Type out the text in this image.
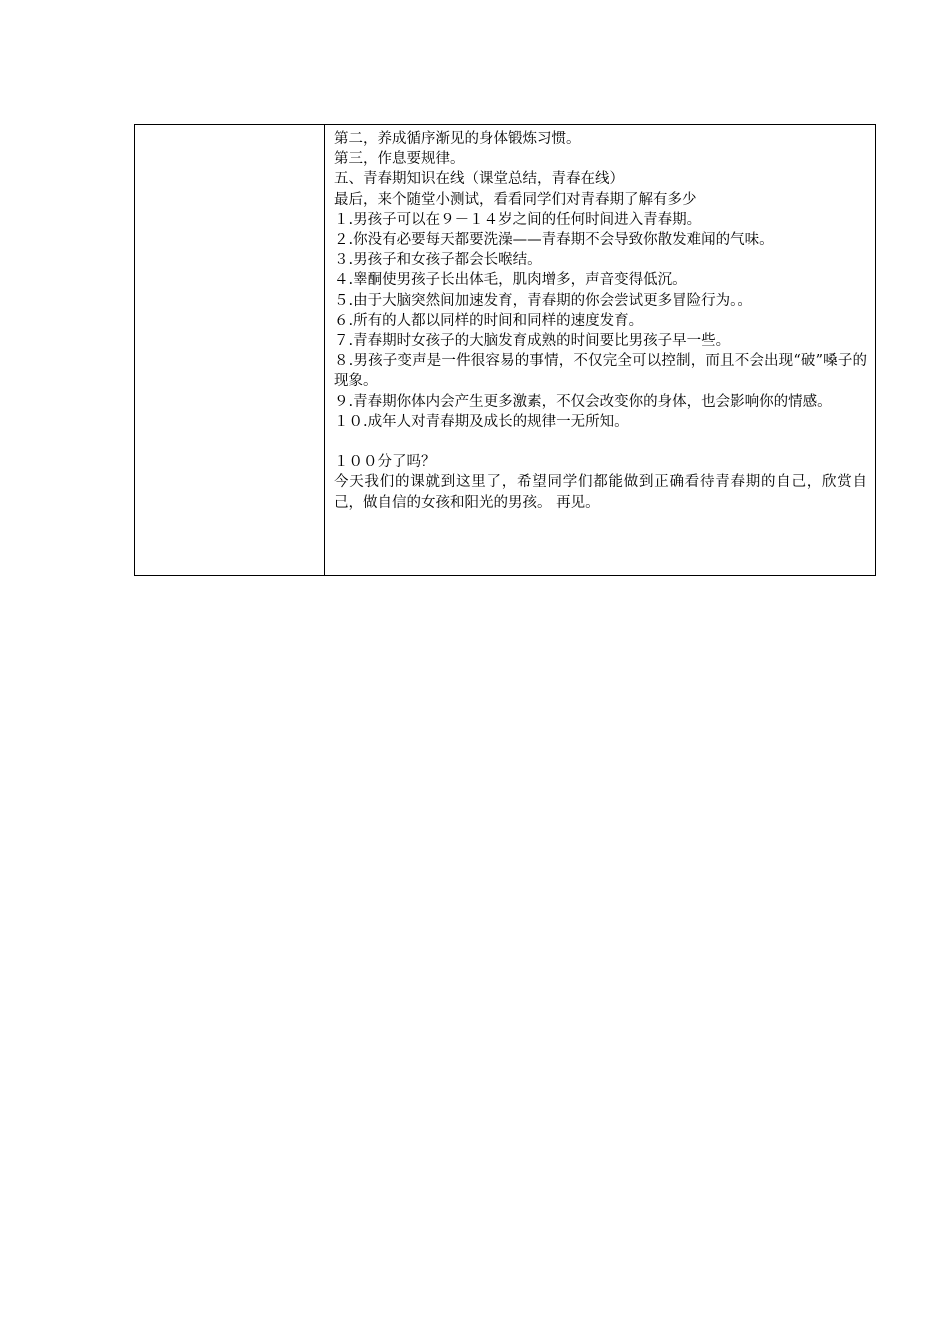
第二，养成循序渐见的身体锻炼习惯。

第三，作息要规律。

五、青春期知识在线（课堂总结，青春在线）

最后，来个随堂小测试，看看同学们对青春期了解有多少

１.男孩子可以在９－１４岁之间的任何时间进入青春期。

２.你没有必要每天都要洗澡——青春期不会导致你散发难闻的气味。

３.男孩子和女孩子都会长喉结。

４.睾酮使男孩子长出体毛，肌肉增多，声音变得低沉。

５.由于大脑突然间加速发育，青春期的你会尝试更多冒险行为。。

６.所有的人都以同样的时间和同样的速度发育。

７.青春期时女孩子的大脑发育成熟的时间要比男孩子早一些。

８.男孩子变声是一件很容易的事情，不仅完全可以控制，而且不会出现“破”嗓子的现象。

９.青春期你体内会产生更多激素，不仅会改变你的身体，也会影响你的情感。

１０.成年人对青春期及成长的规律一无所知。

１００分了吗？

今天我们的课就到这里了，希望同学们都能做到正确看待青春期的自己，欣赏自己，做自信的女孩和阳光的男孩。 再见。
